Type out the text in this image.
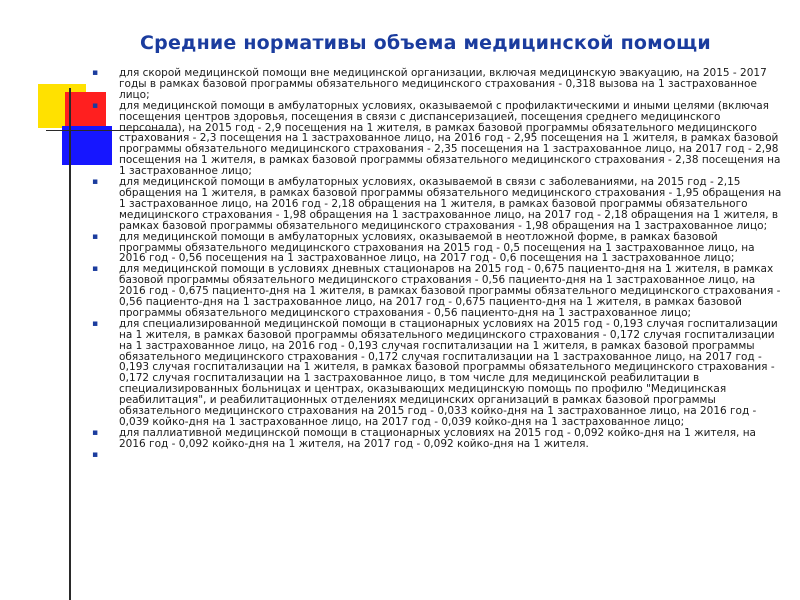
Средние нормативы объема медицинской помощи
▪ для скорой медицинской помощи вне медицинской организации, включая медицинскую эвакуацию, на 2015 - 2017 годы в рамках базовой программы обязательного медицинского страхования - 0,318 вызова на 1 застрахованное лицо;
▪ для медицинской помощи в амбулаторных условиях, оказываемой с профилактическими и иными целями (включая посещения центров здоровья, посещения в связи с диспансеризацией, посещения среднего медицинского персонала), на 2015 год - 2,9 посещения на 1 жителя, в рамках базовой программы обязательного медицинского страхования - 2,3 посещения на 1 застрахованное лицо, на 2016 год - 2,95 посещения на 1 жителя, в рамках базовой программы обязательного медицинского страхования - 2,35 посещения на 1 застрахованное лицо, на 2017 год - 2,98 посещения на 1 жителя, в рамках базовой программы обязательного медицинского страхования - 2,38 посещения на 1 застрахованное лицо;
▪ для медицинской помощи в амбулаторных условиях, оказываемой в связи с заболеваниями, на 2015 год - 2,15 обращения на 1 жителя, в рамках базовой программы обязательного медицинского страхования - 1,95 обращения на 1 застрахованное лицо, на 2016 год - 2,18 обращения на 1 жителя, в рамках базовой программы обязательного медицинского страхования - 1,98 обращения на 1 застрахованное лицо, на 2017 год - 2,18 обращения на 1 жителя, в рамках базовой программы обязательного медицинского страхования - 1,98 обращения на 1 застрахованное лицо;
▪ для медицинской помощи в амбулаторных условиях, оказываемой в неотложной форме, в рамках базовой программы обязательного медицинского страхования на 2015 год - 0,5 посещения на 1 застрахованное лицо, на 2016 год - 0,56 посещения на 1 застрахованное лицо, на 2017 год - 0,6 посещения на 1 застрахованное лицо;
▪ для медицинской помощи в условиях дневных стационаров на 2015 год - 0,675 пациенто-дня на 1 жителя, в рамках базовой программы обязательного медицинского страхования - 0,56 пациенто-дня на 1 застрахованное лицо, на 2016 год - 0,675 пациенто-дня на 1 жителя, в рамках базовой программы обязательного медицинского страхования - 0,56 пациенто-дня на 1 застрахованное лицо, на 2017 год - 0,675 пациенто-дня на 1 жителя, в рамках базовой программы обязательного медицинского страхования - 0,56 пациенто-дня на 1 застрахованное лицо;
▪ для специализированной медицинской помощи в стационарных условиях на 2015 год - 0,193 случая госпитализации на 1 жителя, в рамках базовой программы обязательного медицинского страхования - 0,172 случая госпитализации на 1 застрахованное лицо, на 2016 год - 0,193 случая госпитализации на 1 жителя, в рамках базовой программы обязательного медицинского страхования - 0,172 случая госпитализации на 1 застрахованное лицо, на 2017 год - 0,193 случая госпитализации на 1 жителя, в рамках базовой программы обязательного медицинского страхования - 0,172 случая госпитализации на 1 застрахованное лицо, в том числе для медицинской реабилитации в специализированных больницах и центрах, оказывающих медицинскую помощь по профилю "Медицинская реабилитация", и реабилитационных отделениях медицинских организаций в рамках базовой программы обязательного медицинского страхования на 2015 год - 0,033 койко-дня на 1 застрахованное лицо, на 2016 год - 0,039 койко-дня на 1 застрахованное лицо, на 2017 год - 0,039 койко-дня на 1 застрахованное лицо;
▪ для паллиативной медицинской помощи в стационарных условиях на 2015 год - 0,092 койко-дня на 1 жителя, на 2016 год - 0,092 койко-дня на 1 жителя, на 2017 год - 0,092 койко-дня на 1 жителя.
▪
